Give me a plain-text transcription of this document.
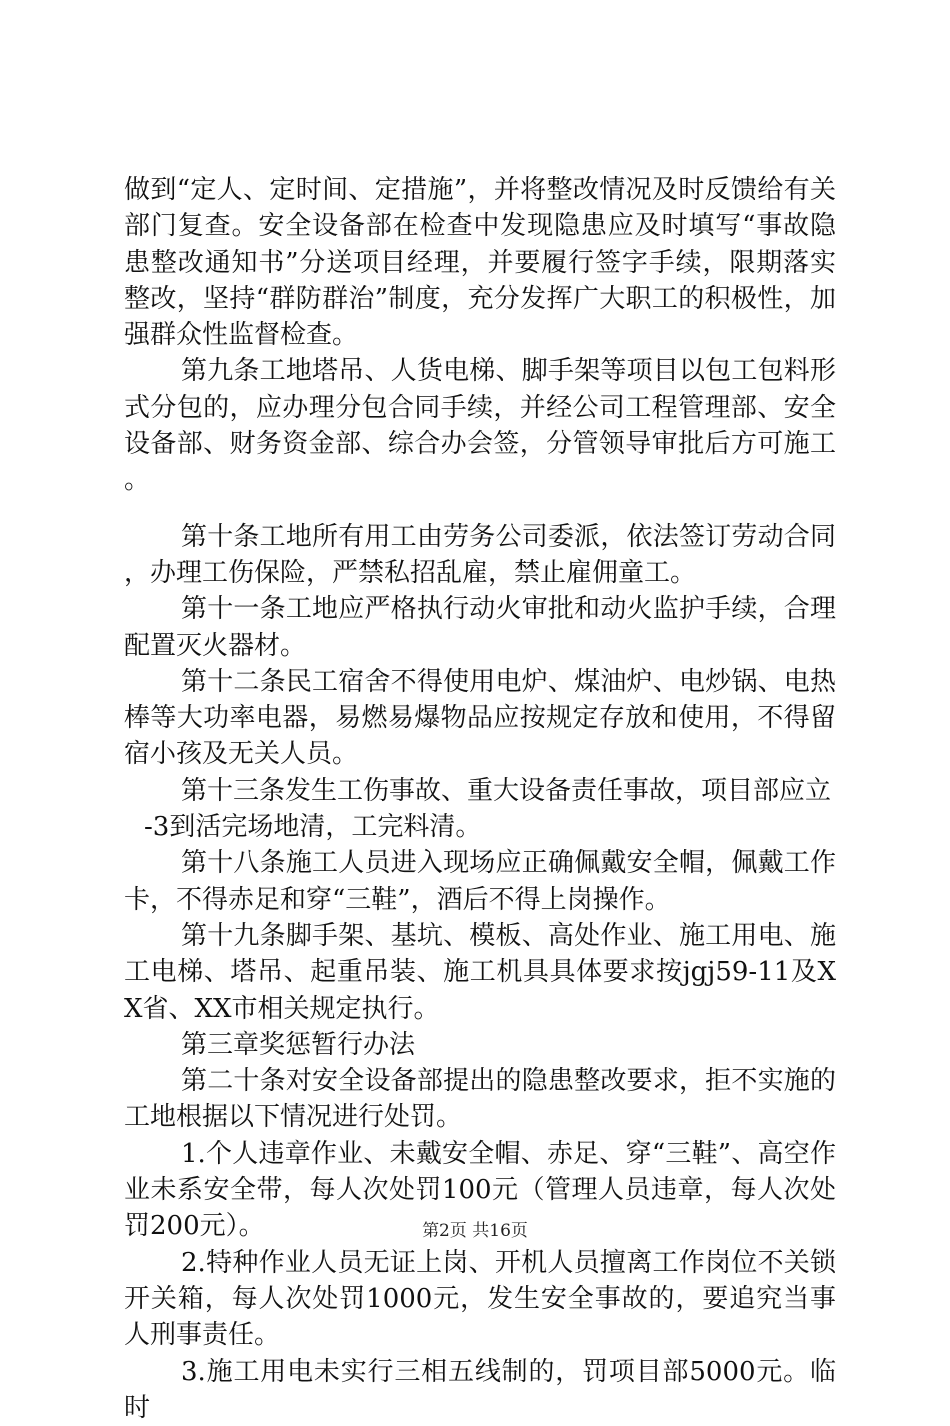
做到“定人、定时间、定措施”，并将整改情况及时反馈给有关部门复查。安全设备部在检查中发现隐患应及时填写“事故隐患整改通知书”分送项目经理，并要履行签字手续，限期落实整改，坚持“群防群治”制度，充分发挥广大职工的积极性，加强群众性监督检查。

第九条工地塔吊、人货电梯、脚手架等项目以包工包料形式分包的，应办理分包合同手续，并经公司工程管理部、安全设备部、财务资金部、综合办会签，分管领导审批后方可施工。

第十条工地所有用工由劳务公司委派，依法签订劳动合同，办理工伤保险，严禁私招乱雇，禁止雇佣童工。

第十一条工地应严格执行动火审批和动火监护手续，合理配置灭火器材。

第十二条民工宿舍不得使用电炉、煤油炉、电炒锅、电热棒等大功率电器，易燃易爆物品应按规定存放和使用，不得留宿小孩及无关人员。

第十三条发生工伤事故、重大设备责任事故，项目部应立

-3到活完场地清，工完料清。

第十八条施工人员进入现场应正确佩戴安全帽，佩戴工作卡，不得赤足和穿“三鞋”，酒后不得上岗操作。

第十九条脚手架、基坑、模板、高处作业、施工用电、施工电梯、塔吊、起重吊装、施工机具具体要求按jgj59-11及XX省、XX市相关规定执行。

第三章奖惩暂行办法

第二十条对安全设备部提出的隐患整改要求，拒不实施的工地根据以下情况进行处罚。

1.个人违章作业、未戴安全帽、赤足、穿“三鞋”、高空作业未系安全带，每人次处罚100元（管理人员违章，每人次处罚200元）。

2.特种作业人员无证上岗、开机人员擅离工作岗位不关锁开关箱，每人次处罚1000元，发生安全事故的，要追究当事人刑事责任。

3.施工用电未实行三相五线制的，罚项目部5000元。临时

第2页 共16页
